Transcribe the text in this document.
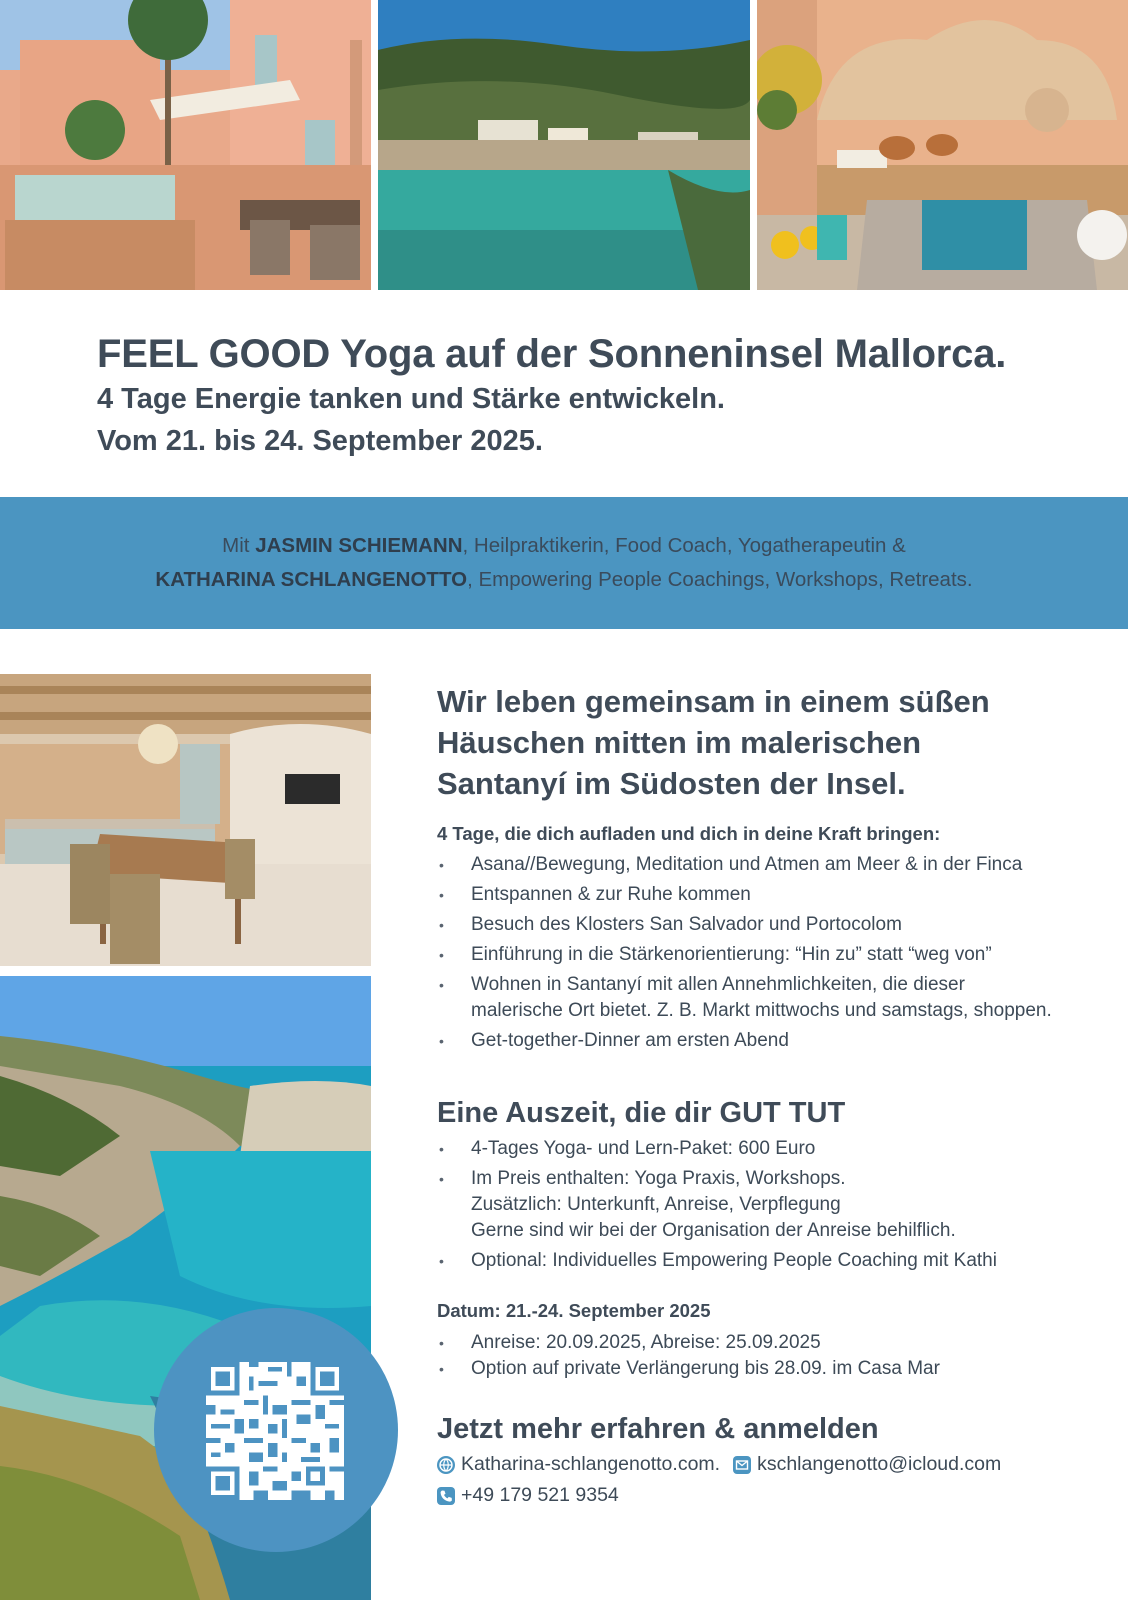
FEEL GOOD Yoga auf der Sonneninsel Mallorca.
4 Tage Energie tanken und Stärke entwickeln.
Vom 21. bis 24. September 2025.
Mit JASMIN SCHIEMANN, Heilpraktikerin, Food Coach, Yogatherapeutin &
KATHARINA SCHLANGENOTTO, Empowering People Coachings, Workshops, Retreats.
Wir leben gemeinsam in einem süßen
Häuschen mitten im malerischen
Santanyí im Südosten der Insel.
4 Tage, die dich aufladen und dich in deine Kraft bringen:
• Asana//Bewegung, Meditation und Atmen am Meer & in der Finca
• Entspannen & zur Ruhe kommen
• Besuch des Klosters San Salvador und Portocolom
• Einführung in die Stärkenorientierung: “Hin zu” statt “weg von”
• Wohnen in Santanyí mit allen Annehmlichkeiten, die dieser
malerische Ort bietet. Z. B. Markt mittwochs und samstags, shoppen.
• Get-together-Dinner am ersten Abend
Eine Auszeit, die dir GUT TUT
• 4-Tages Yoga- und Lern-Paket: 600 Euro
• Im Preis enthalten: Yoga Praxis, Workshops.
Zusätzlich: Unterkunft, Anreise, Verpflegung
Gerne sind wir bei der Organisation der Anreise behilflich.
• Optional: Individuelles Empowering People Coaching mit Kathi
Datum: 21.-24. September 2025
• Anreise: 20.09.2025, Abreise: 25.09.2025
• Option auf private Verlängerung bis 28.09. im Casa Mar
Jetzt mehr erfahren & anmelden
Katharina-schlangenotto.com. kschlangenotto@icloud.com
+49 179 521 9354
